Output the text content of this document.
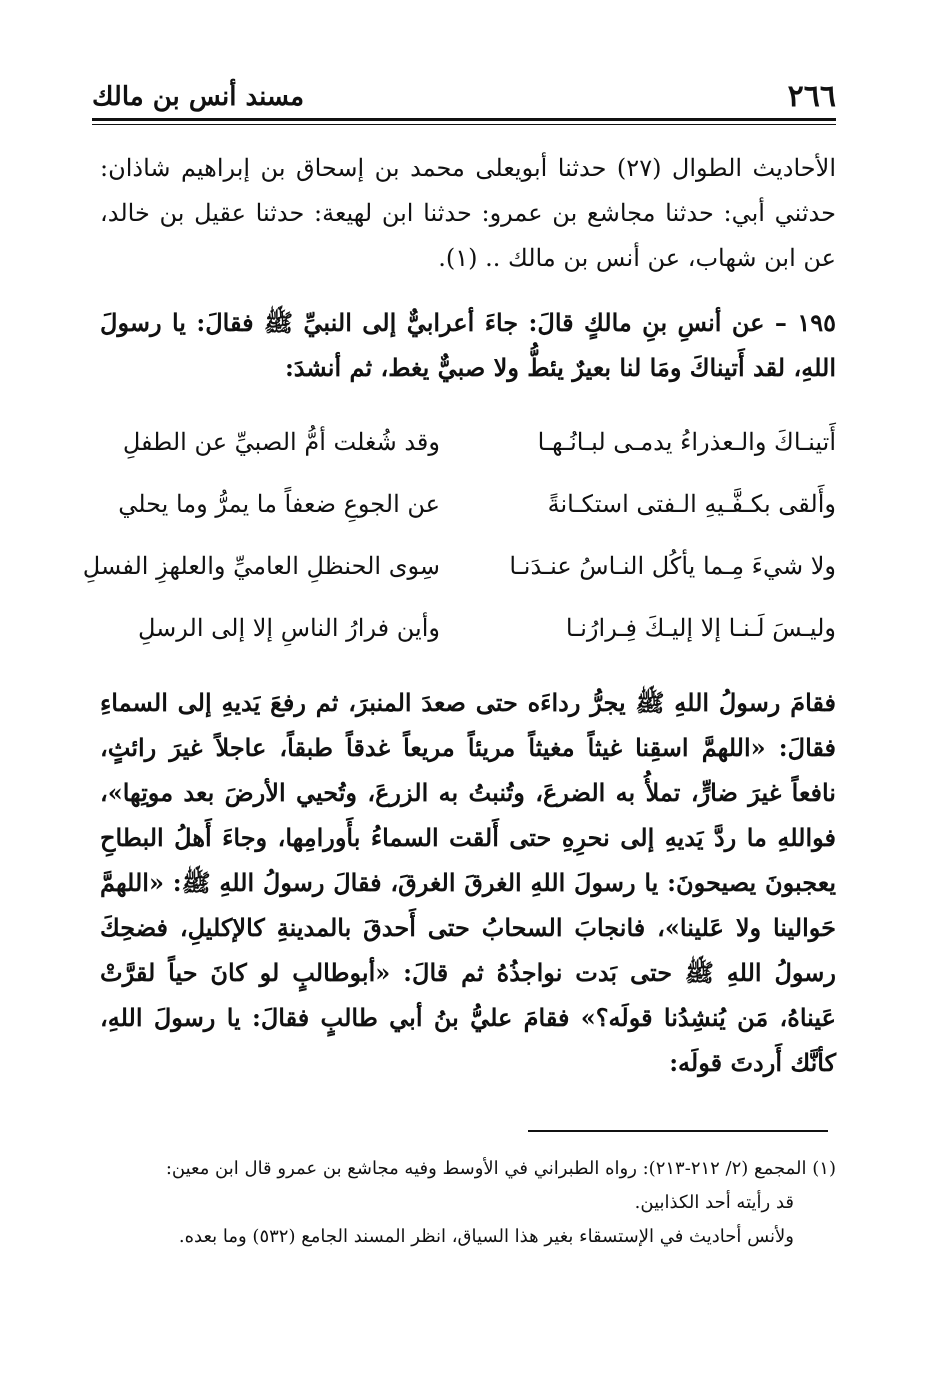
٢٦٦
مسند أنس بن مالك

الأحاديث الطوال (٢٧) حدثنا أبويعلى محمد بن إسحاق بن إبراهيم شاذان: حدثني أبي: حدثنا مجاشع بن عمرو: حدثنا ابن لهيعة: حدثنا عقيل بن خالد، عن ابن شهاب، عن أنس بن مالك .. (١).

١٩٥ – عن أنسِ بنِ مالكٍ قالَ: جاءَ أعرابيٌّ إلى النبيِّ ﷺ فقالَ: يا رسولَ اللهِ، لقد أَتيناكَ ومَا لنا بعيرٌ يئطُّ ولا صبيٌّ يغط، ثم أنشدَ:

أَتينـاكَ والـعذراءُ يدمـى لبـانُـهـا
وقد شُغلت أمُّ الصبيِّ عن الطفلِ
وأَلقى بكـفَّـيهِ الـفتى استكـانةً
عن الجوعِ ضعفاً ما يمرُّ وما يحلي
ولا شيءَ مِـما يأكُل النـاسُ عنـدَنـا
سِوى الحنظلِ العاميِّ والعلهزِ الفسلِ
وليـسَ لَـنـا إلا إليـكَ فِـرارُنـا
وأين فرارُ الناسِ إلا إلى الرسلِ

فقامَ رسولُ اللهِ ﷺ يجرُّ رداءَه حتى صعدَ المنبرَ، ثم رفعَ يَديهِ إلى السماءِ فقالَ: «اللهمَّ اسقِنا غيثاً مغيثاً مريئاً مريعاً غدقاً طبقاً، عاجلاً غيرَ رائثٍ، نافعاً غيرَ ضارٍّ، تملأُ به الضرعَ، وتُنبتُ به الزرعَ، وتُحيي الأرضَ بعد موتِها»، فواللهِ ما ردَّ يَديهِ إلى نحرِهِ حتى أَلقت السماءُ بأَورامِها، وجاءَ أَهلُ البطاحِ يعجبونَ يصيحونَ: يا رسولَ اللهِ الغرقَ الغرقَ، فقالَ رسولُ اللهِ ﷺ: «اللهمَّ حَوالينا ولا عَلينا»، فانجابَ السحابُ حتى أَحدقَ بالمدينةِ كالإكليلِ، فضحِكَ رسولُ اللهِ ﷺ حتى بَدت نواجذُهُ ثم قالَ: «أبوطالبٍ لو كانَ حياً لقرَّتْ عَيناهُ، مَن يُنشِدُنا قولَه؟» فقامَ عليُّ بنُ أبي طالبٍ فقالَ: يا رسولَ اللهِ، كأنَّك أَردتَ قولَه:

(١) المجمع (٢/ ٢١٢-٢١٣): رواه الطبراني في الأوسط وفيه مجاشع بن عمرو قال ابن معين:
قد رأيته أحد الكذابين.
ولأنس أحاديث في الإستسقاء بغير هذا السياق، انظر المسند الجامع (٥٣٢) وما بعده.
